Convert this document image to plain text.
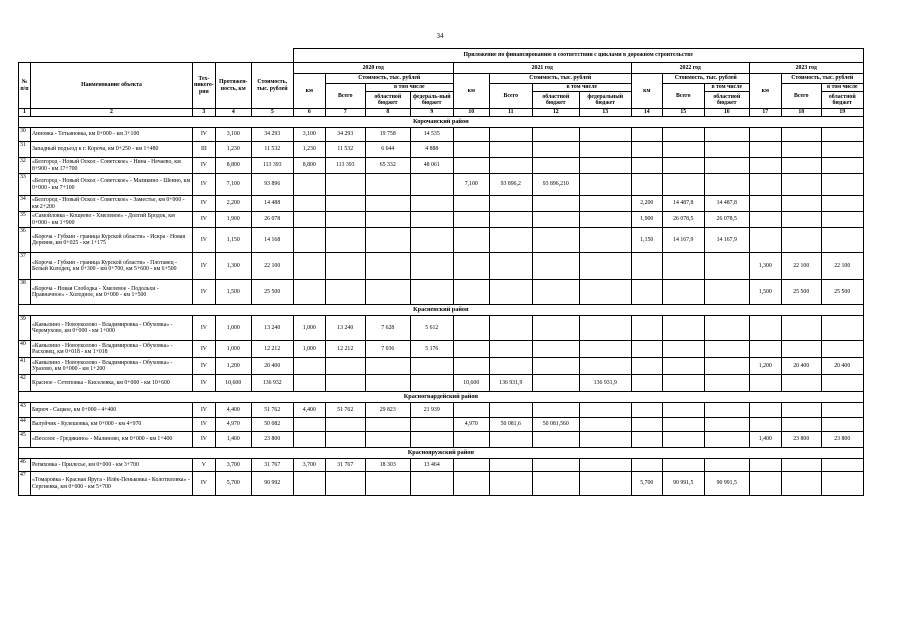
34
					Приложение по финансированию в соответствии с циклами в дорожном строительстве													
№ п/п	Наименование объекта	Тех-никего-рия	Протяжен-ность, км	Стоимость, тыс. рублей	2020 год				2021 год				2022 год			2023 год		
					км	Стоимость, тыс. рублей			км	Стоимость, тыс. рублей			км	Стоимость, тыс. рублей		км	Стоимость, тыс. рублей	
						Всего	в том числе			Всего	в том числе			Всего	в том числе		Всего	в том числе
							областной бюджет	федераль-ный бюджет			областной бюджет	федеральный бюджет			областной бюджет			областной бюджет
1	2	3	4	5	6	7	8	9	10	11	12	13	14	15	16	17	18	19
Корочанский район																		
30	Анновка - Тетьяновка, км 0+000 - км 3+100	IV	3,100	34 293	3,100	34 293	19 758	14 535										
31	Западный подъезд к г. Короча, км 0+250 - км 1+480	III	1,230	11 532	1,230	11 532	6 644	4 888										
32	«Белгород - Новый Оскол - Советское» - Нина - Нечаево, км 8+900 - км 17+700	IV	8,800	113 393	8,800	113 393	65 332	48 061										
33	«Белгород - Новый Оскол - Советское» - Мазикино - Шеино, км 0+000 - км 7+100	IV	7,100	93 896					7,100	93 896,2	93 896,210							
34	«Белгород - Новый Оскол - Советское» - Заместье, км 0+000 - км 2+200	IV	2,200	14 488									2,200	14 487,8	14 487,8			
35	«Самойловка - Кощеево - Хмелевое» - Долгий Бродок, км 0+000 - км 1+900	IV	1,900	26 078									1,900	26 078,5	26 078,5			
36	«Короча - Губкин - граница Курской области» - Искра - Новая Деревня, км 0+025 - км 1+175	IV	1,150	14 168									1,150	14 167,9	14 167,9			
37	«Короча - Губкин - граница Курской области» - Плотавец - Белый Колодец, км 0+300 - км 0+700, км 5+600 - км 6+500	IV	1,300	22 100												1,300	22 100	22 100
38	«Короча - Новая Слободка - Хмелевое - Подольхи - Правначное» - Холодное, км 0+000 - км 1+500	IV	1,500	25 500												1,500	25 500	25 500
Красненский район																		
39	«Камызино - Новоуколово - Владимировка - Обуховка» - Черемухово, км 0+000 - км 1+000	IV	1,000	13 240	1,000	13 240	7 628	5 612										
40	«Камызино - Новоуколово - Владимировка - Обуховка» - Расховец, км 0+018 - км 1+018	IV	1,000	12 212	1,000	12 212	7 036	5 176										
41	«Камызино - Новоуколово - Владимировка - Обуховка» - Уразово, км 0+000 - км 1+200	IV	1,200	20 400												1,200	20 400	20 400
42	Красное - Сетеповка - Киселевка, км 0+000 - км 10+600	IV	10,600	136 932					10,600	136 931,9		136 931,9						
Красногвардейский район																		
43	Бирюч - Сацкое, км 0+000 - 4+400	IV	4,400	51 762	4,400	51 762	29 823	21 939										
44	Валуйчик - Кулешовка, км 0+000 - км 4+970	IV	4,970	50 082					4,970	50 081,6	50 081,560							
45	«Веселое - Гредякино» - Малиново, км 0+000 - км 1+400	IV	1,400	23 800												1,400	23 800	23 800
Краснояружский район																		
46	Репяховка - Прилесье, км 0+000 - км 3+700	V	3,700	31 767	3,700	31 767	18 303	13 464										
47	«Томаровка - Красная Яруга - Илёк-Пеньковка - Колотиловка» - Сергиевка, км 0+000 - км 5+700	IV	5,700	90 992									5,700	90 991,5	90 991,5			
